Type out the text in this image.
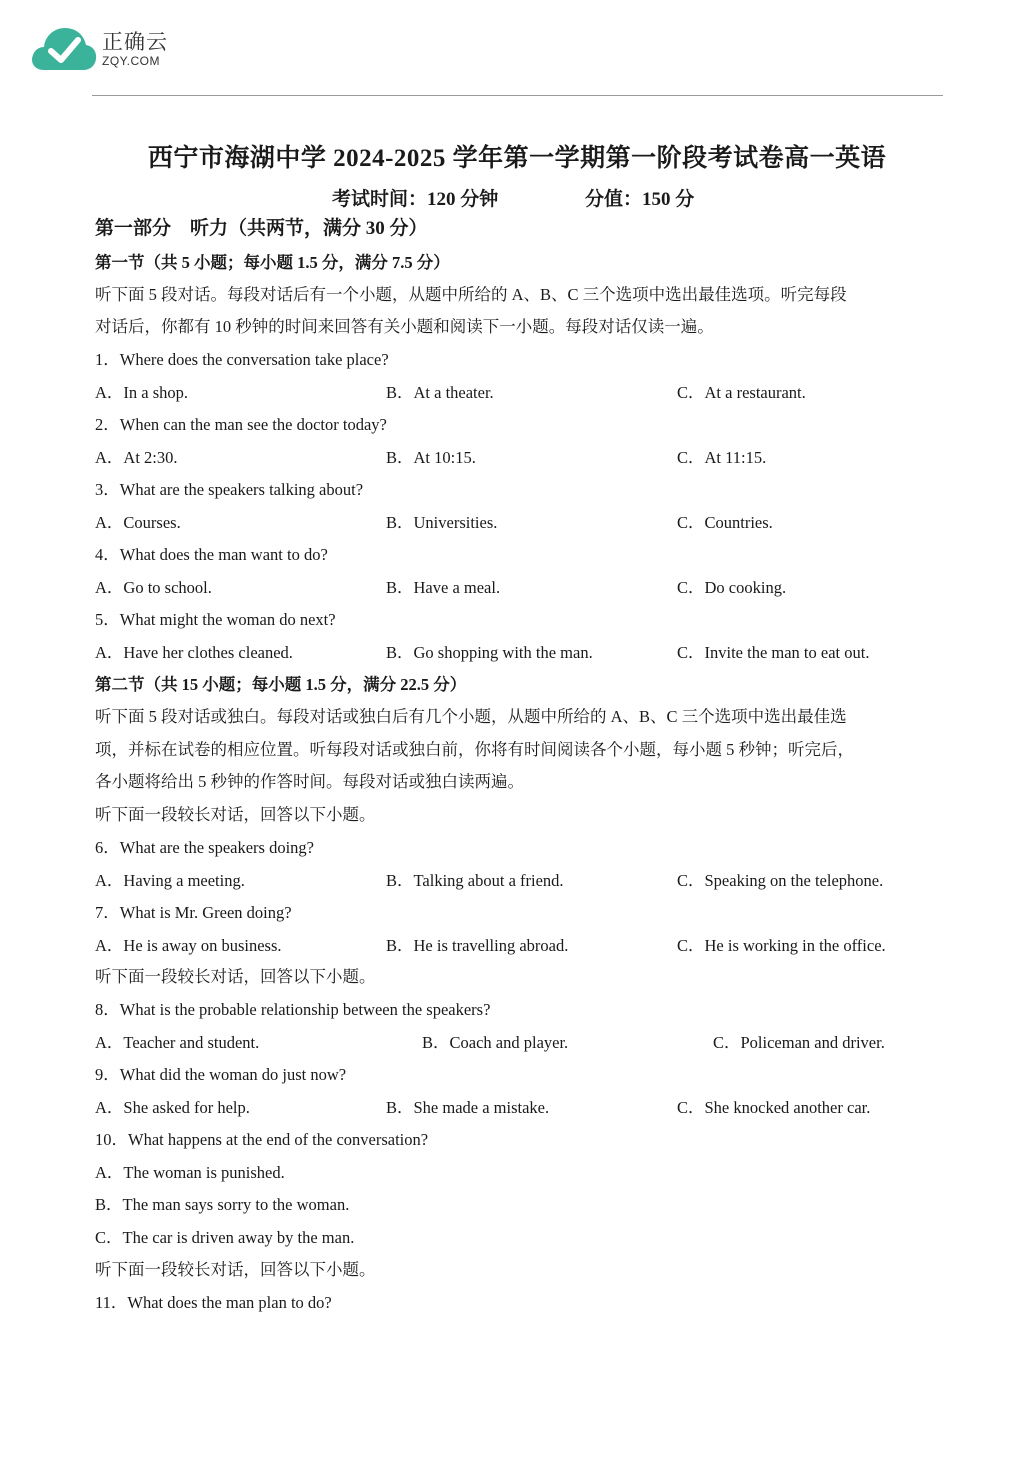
正确云
ZQY.COM
西宁市海湖中学 2024-2025 学年第一学期第一阶段考试卷高一英语
考试时间：120 分钟	分值：150 分
第一部分　听力（共两节，满分 30 分）
第一节（共 5 小题；每小题 1.5 分，满分 7.5 分）
听下面 5 段对话。每段对话后有一个小题，从题中所给的 A、B、C 三个选项中选出最佳选项。听完每段
对话后，你都有 10 秒钟的时间来回答有关小题和阅读下一小题。每段对话仅读一遍。
1．Where does the conversation take place?
A．In a shop.	B．At a theater.	C．At a restaurant.
2．When can the man see the doctor today?
A．At 2:30.	B．At 10:15.	C．At 11:15.
3．What are the speakers talking about?
A．Courses.	B．Universities.	C．Countries.
4．What does the man want to do?
A．Go to school.	B．Have a meal.	C．Do cooking.
5．What might the woman do next?
A．Have her clothes cleaned.	B．Go shopping with the man.	C．Invite the man to eat out.
第二节（共 15 小题；每小题 1.5 分，满分 22.5 分）
听下面 5 段对话或独白。每段对话或独白后有几个小题，从题中所给的 A、B、C 三个选项中选出最佳选
项，并标在试卷的相应位置。听每段对话或独白前，你将有时间阅读各个小题，每小题 5 秒钟；听完后，
各小题将给出 5 秒钟的作答时间。每段对话或独白读两遍。
听下面一段较长对话，回答以下小题。
6．What are the speakers doing?
A．Having a meeting.	B．Talking about a friend.	C．Speaking on the telephone.
7．What is Mr. Green doing?
A．He is away on business.	B．He is travelling abroad.	C．He is working in the office.
听下面一段较长对话，回答以下小题。
8．What is the probable relationship between the speakers?
A．Teacher and student.	B．Coach and player.	C．Policeman and driver.
9．What did the woman do just now?
A．She asked for help.	B．She made a mistake.	C．She knocked another car.
10．What happens at the end of the conversation?
A．The woman is punished.
B．The man says sorry to the woman.
C．The car is driven away by the man.
听下面一段较长对话，回答以下小题。
11．What does the man plan to do?
